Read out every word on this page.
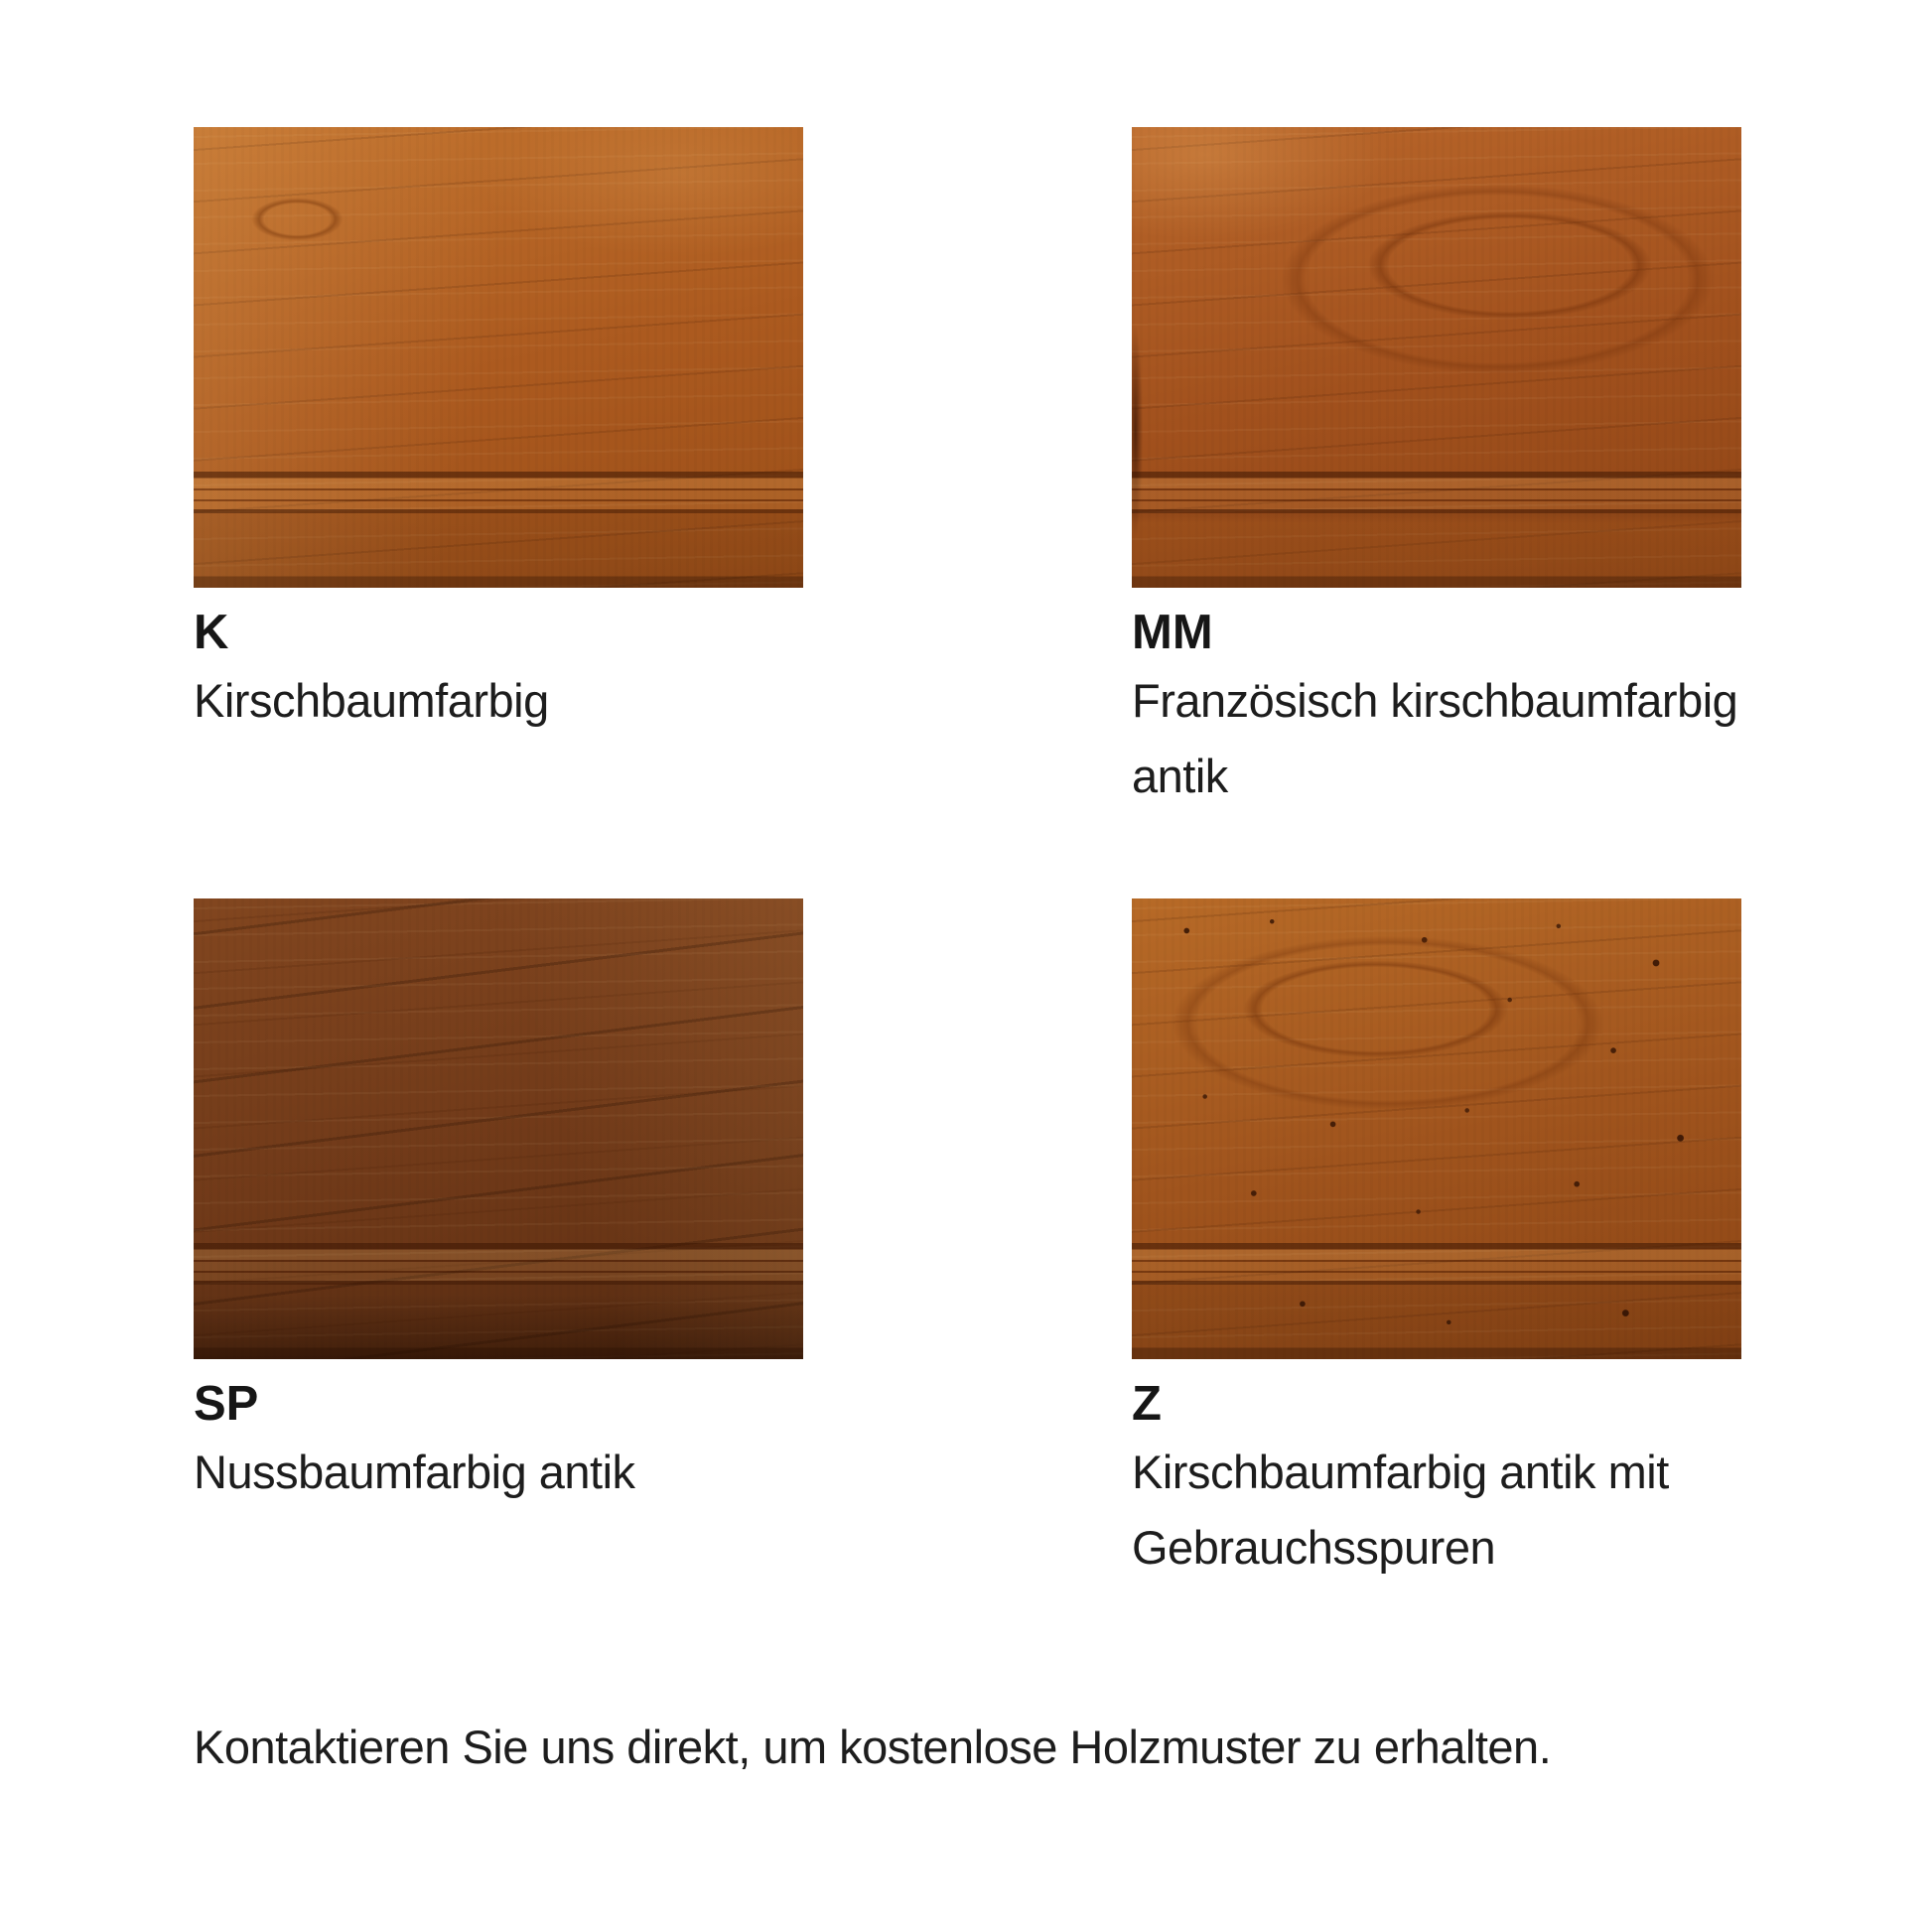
K
Kirschbaumfarbig
MM
Französisch kirschbaumfarbig
antik
SP
Nussbaumfarbig antik
Z
Kirschbaumfarbig antik mit
Gebrauchsspuren
Kontaktieren Sie uns direkt, um kostenlose Holzmuster zu erhalten.
